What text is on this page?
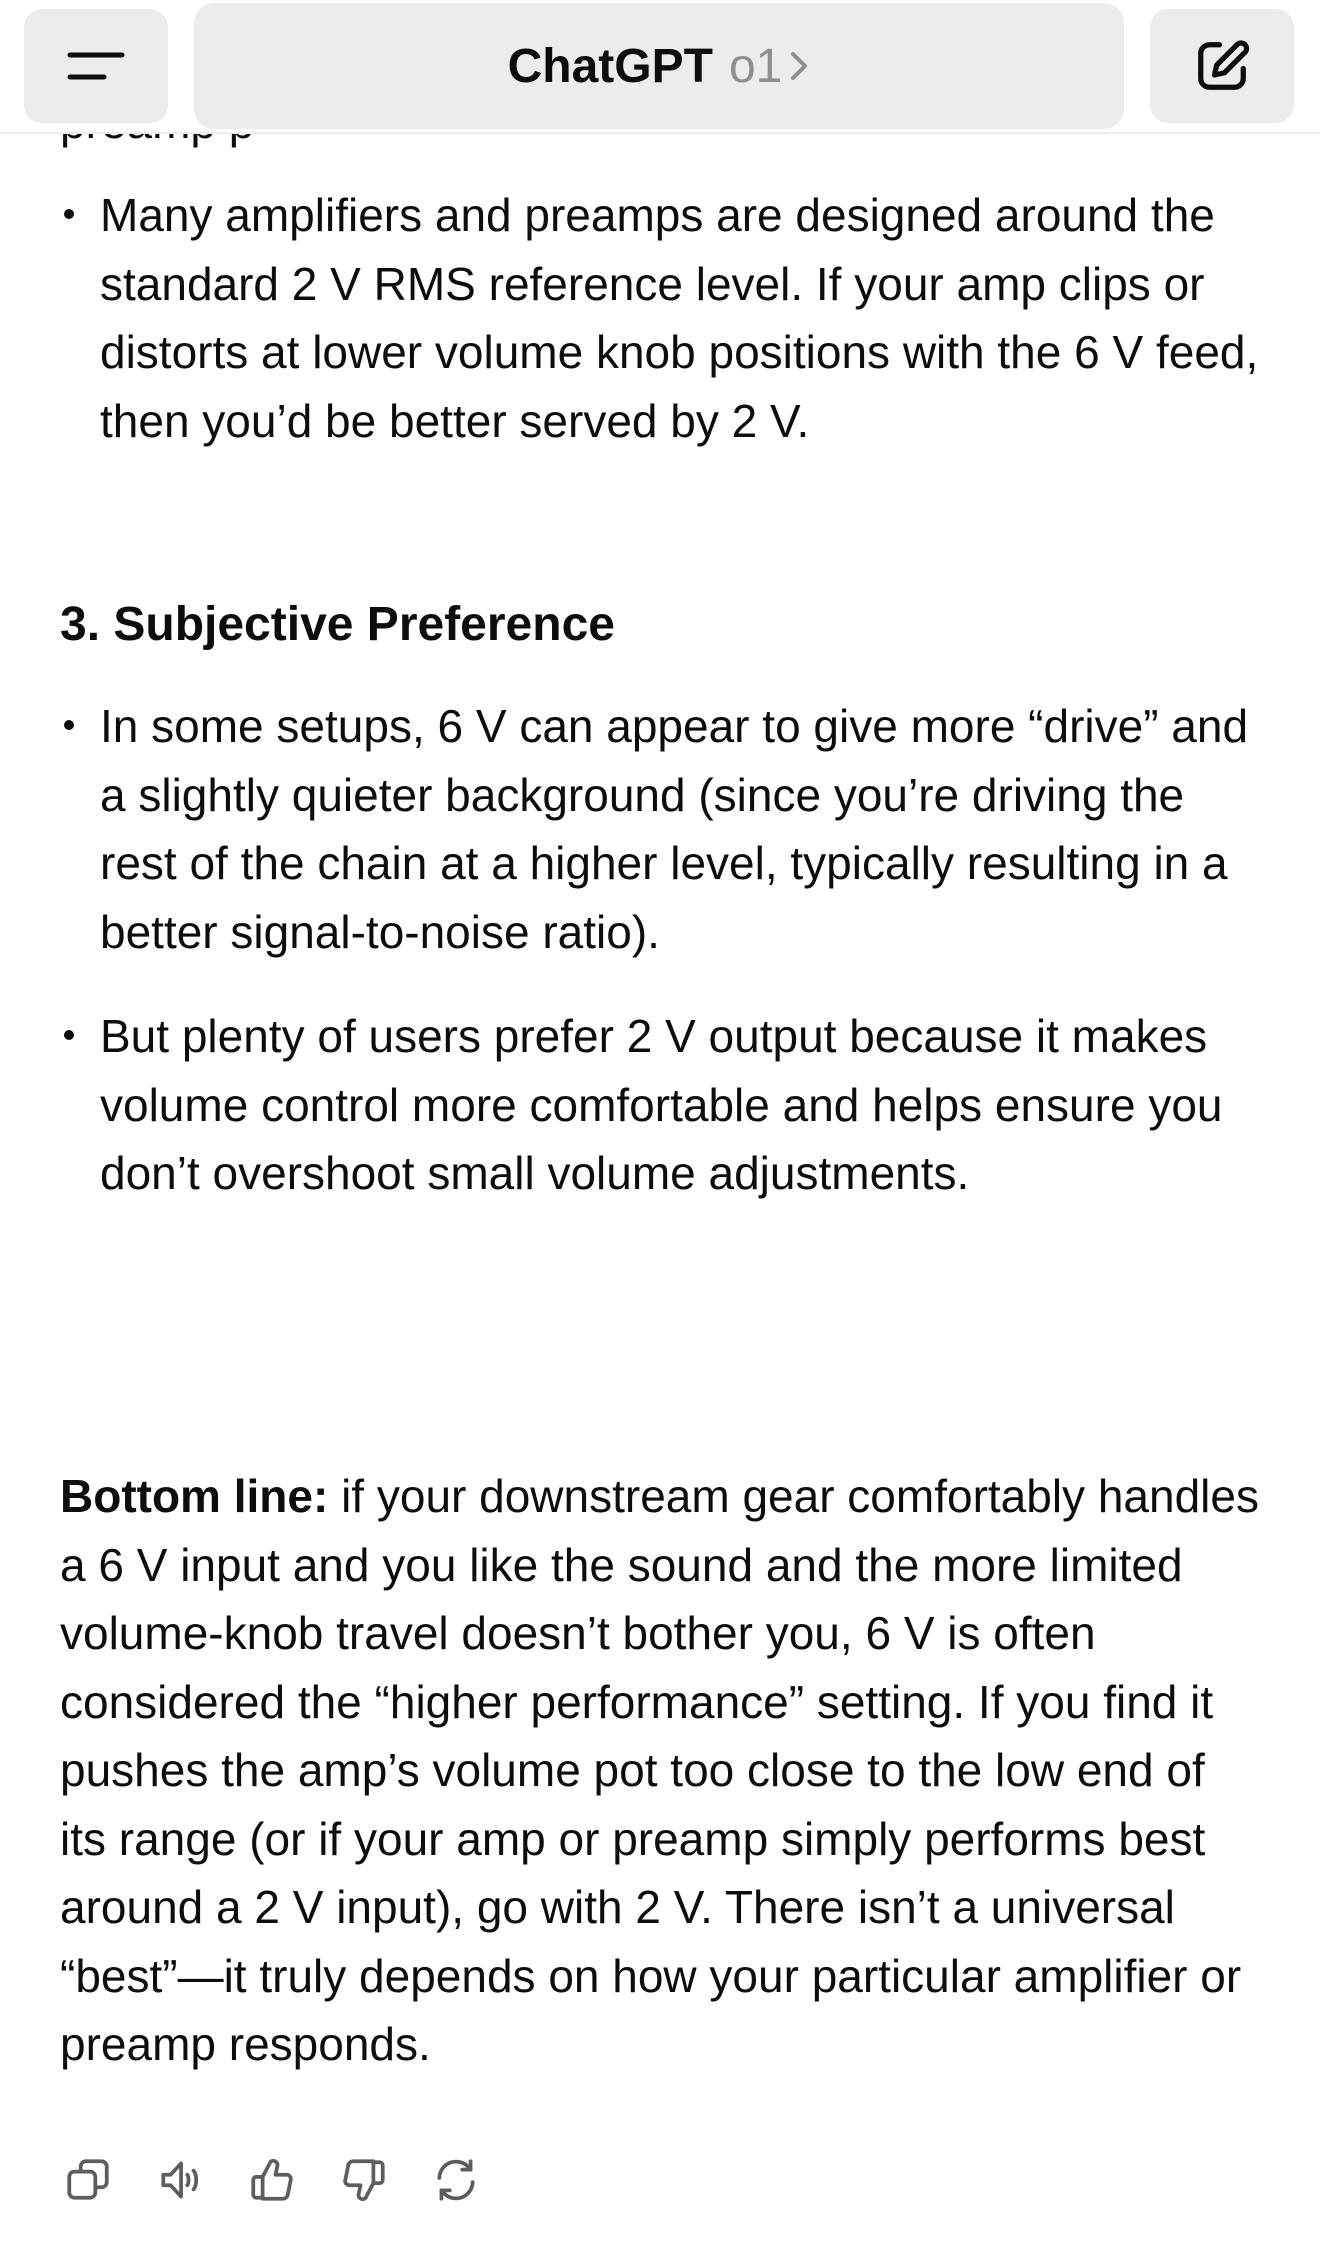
Many amplifiers and preamps are designed around the standard 2 V RMS reference level. If your amp clips or distorts at lower volume knob positions with the 6 V feed, then you’d be better served by 2 V.
3. Subjective Preference
In some setups, 6 V can appear to give more “drive” and a slightly quieter background (since you’re driving the rest of the chain at a higher level, typically resulting in a better signal-to-noise ratio).
But plenty of users prefer 2 V output because it makes volume control more comfortable and helps ensure you don’t overshoot small volume adjustments.

Bottom line: if your downstream gear comfortably handles a 6 V input and you like the sound and the more limited volume-knob travel doesn’t bother you, 6 V is often considered the “higher performance” setting. If you find it pushes the amp’s volume pot too close to the low end of its range (or if your amp or preamp simply performs best around a 2 V input), go with 2 V. There isn’t a universal “best”—it truly depends on how your particular amplifier or preamp responds.

ChatGPT o1
